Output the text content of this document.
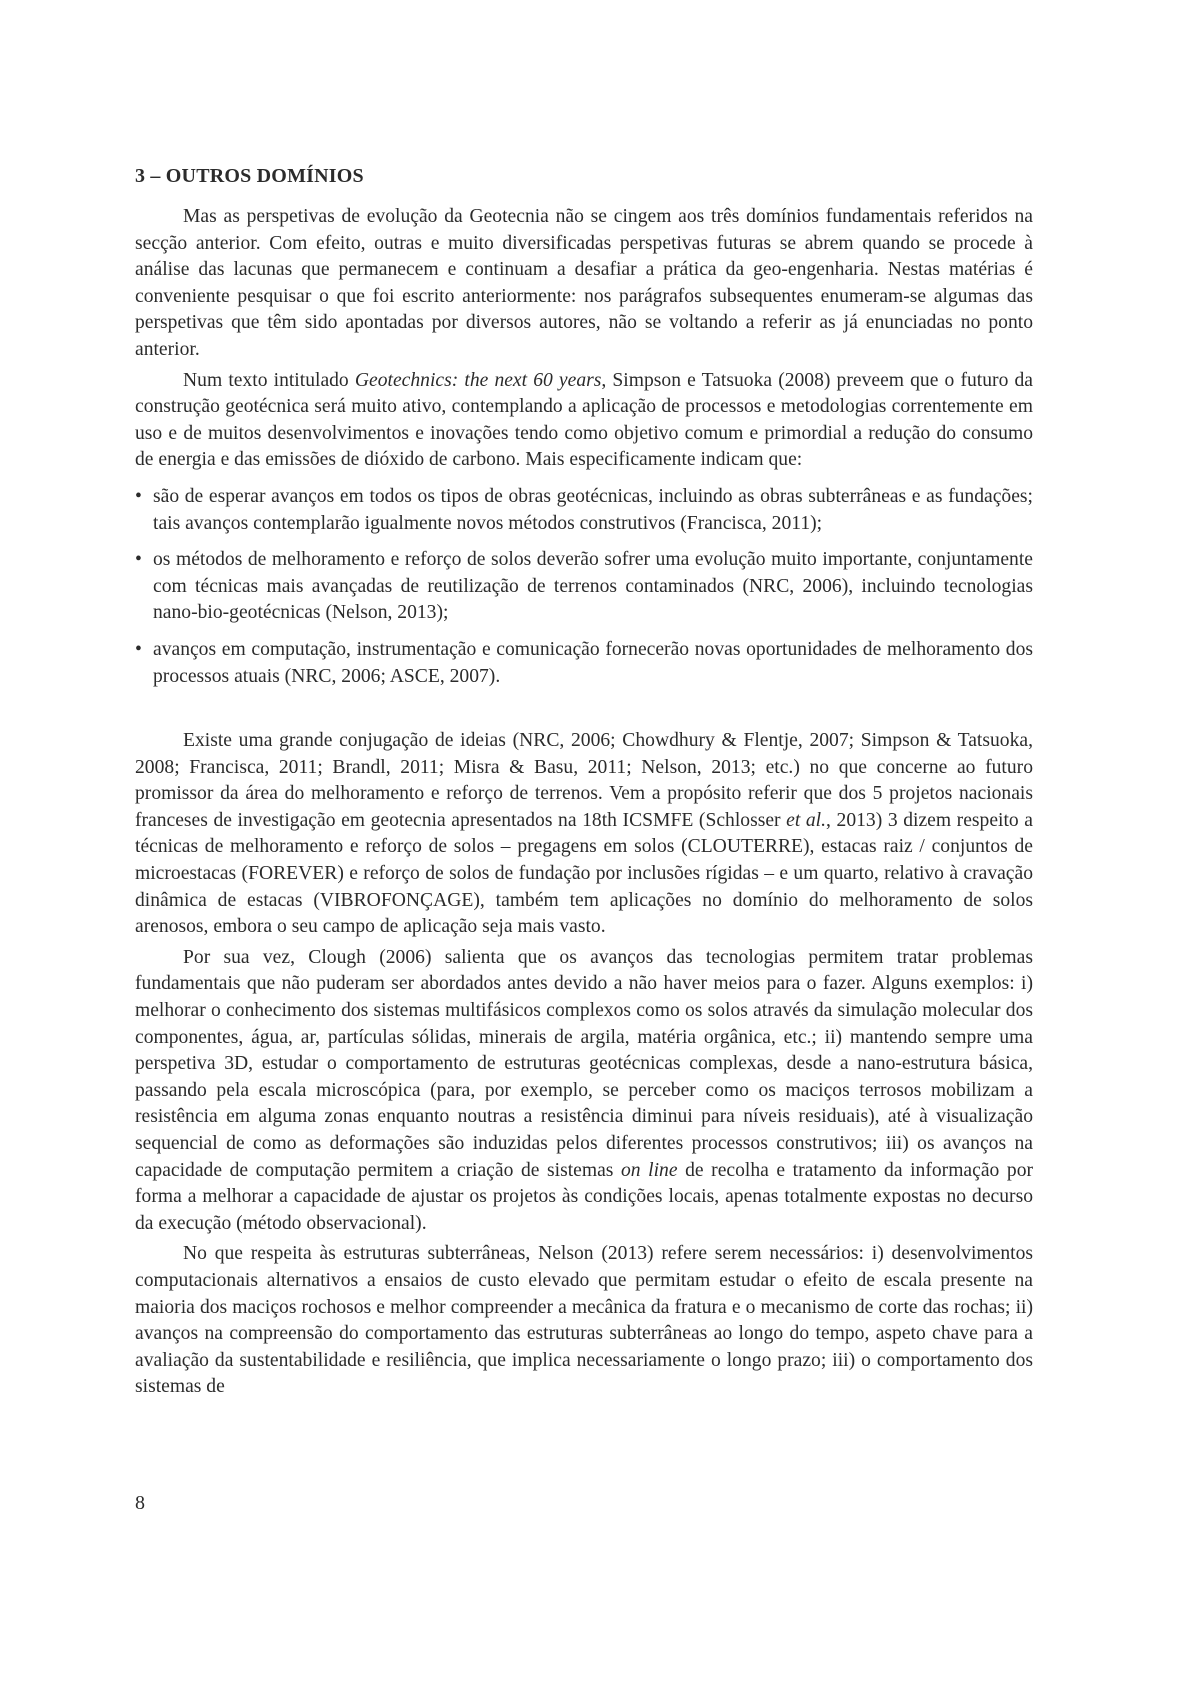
3 – OUTROS DOMÍNIOS

Mas as perspetivas de evolução da Geotecnia não se cingem aos três domínios fundamentais referidos na secção anterior. Com efeito, outras e muito diversificadas perspetivas futuras se abrem quando se procede à análise das lacunas que permanecem e continuam a desafiar a prática da geo-engenharia. Nestas matérias é conveniente pesquisar o que foi escrito anteriormente: nos parágrafos subsequentes enumeram-se algumas das perspetivas que têm sido apontadas por diversos autores, não se voltando a referir as já enunciadas no ponto anterior.

Num texto intitulado Geotechnics: the next 60 years, Simpson e Tatsuoka (2008) preveem que o futuro da construção geotécnica será muito ativo, contemplando a aplicação de processos e metodologias correntemente em uso e de muitos desenvolvimentos e inovações tendo como objetivo comum e primordial a redução do consumo de energia e das emissões de dióxido de carbono. Mais especificamente indicam que:

• são de esperar avanços em todos os tipos de obras geotécnicas, incluindo as obras subterrâneas e as fundações; tais avanços contemplarão igualmente novos métodos construtivos (Francisca, 2011);
• os métodos de melhoramento e reforço de solos deverão sofrer uma evolução muito importante, conjuntamente com técnicas mais avançadas de reutilização de terrenos contaminados (NRC, 2006), incluindo tecnologias nano-bio-geotécnicas (Nelson, 2013);
• avanços em computação, instrumentação e comunicação fornecerão novas oportunidades de melhoramento dos processos atuais (NRC, 2006; ASCE, 2007).

Existe uma grande conjugação de ideias (NRC, 2006; Chowdhury & Flentje, 2007; Simpson & Tatsuoka, 2008; Francisca, 2011; Brandl, 2011; Misra & Basu, 2011; Nelson, 2013; etc.) no que concerne ao futuro promissor da área do melhoramento e reforço de terrenos. Vem a propósito referir que dos 5 projetos nacionais franceses de investigação em geotecnia apresentados na 18th ICSMFE (Schlosser et al., 2013) 3 dizem respeito a técnicas de melhoramento e reforço de solos – pregagens em solos (CLOUTERRE), estacas raiz / conjuntos de microestacas (FOREVER) e reforço de solos de fundação por inclusões rígidas – e um quarto, relativo à cravação dinâmica de estacas (VIBROFONÇAGE), também tem aplicações no domínio do melhoramento de solos arenosos, embora o seu campo de aplicação seja mais vasto.

Por sua vez, Clough (2006) salienta que os avanços das tecnologias permitem tratar problemas fundamentais que não puderam ser abordados antes devido a não haver meios para o fazer. Alguns exemplos: i) melhorar o conhecimento dos sistemas multifásicos complexos como os solos através da simulação molecular dos componentes, água, ar, partículas sólidas, minerais de argila, matéria orgânica, etc.; ii) mantendo sempre uma perspetiva 3D, estudar o comportamento de estruturas geotécnicas complexas, desde a nano-estrutura básica, passando pela escala microscópica (para, por exemplo, se perceber como os maciços terrosos mobilizam a resistência em alguma zonas enquanto noutras a resistência diminui para níveis residuais), até à visualização sequencial de como as deformações são induzidas pelos diferentes processos construtivos; iii) os avanços na capacidade de computação permitem a criação de sistemas on line de recolha e tratamento da informação por forma a melhorar a capacidade de ajustar os projetos às condições locais, apenas totalmente expostas no decurso da execução (método observacional).

No que respeita às estruturas subterrâneas, Nelson (2013) refere serem necessários: i) desenvolvimentos computacionais alternativos a ensaios de custo elevado que permitam estudar o efeito de escala presente na maioria dos maciços rochosos e melhor compreender a mecânica da fratura e o mecanismo de corte das rochas; ii) avanços na compreensão do comportamento das estruturas subterrâneas ao longo do tempo, aspeto chave para a avaliação da sustentabilidade e resiliência, que implica necessariamente o longo prazo; iii) o comportamento dos sistemas de

8
